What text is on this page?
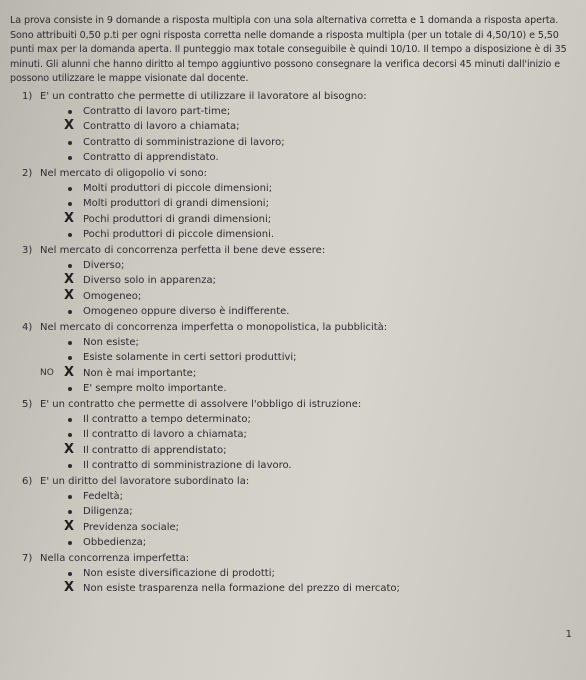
La prova consiste in 9 domande a risposta multipla con una sola alternativa corretta e 1 domanda a risposta aperta. Sono attribuiti 0,50 p.ti per ogni risposta corretta nelle domande a risposta multipla (per un totale di 4,50/10) e 5,50 punti max per la domanda aperta. Il punteggio max totale conseguibile è quindi 10/10. Il tempo a disposizione è di 35 minuti. Gli alunni che hanno diritto al tempo aggiuntivo possono consegnare la verifica decorsi 45 minuti dall'inizio e possono utilizzare le mappe visionate dal docente.

1) E' un contratto che permette di utilizzare il lavoratore al bisogno:
Contratto di lavoro part-time;
X Contratto di lavoro a chiamata;
Contratto di somministrazione di lavoro;
Contratto di apprendistato.
2) Nel mercato di oligopolio vi sono:
Molti produttori di piccole dimensioni;
Molti produttori di grandi dimensioni;
X Pochi produttori di grandi dimensioni;
Pochi produttori di piccole dimensioni.
3) Nel mercato di concorrenza perfetta il bene deve essere:
Diverso;
X Diverso solo in apparenza;
X Omogeneo;
Omogeneo oppure diverso è indifferente.
4) Nel mercato di concorrenza imperfetta o monopolistica, la pubblicità:
Non esiste;
Esiste solamente in certi settori produttivi;
X
NO	Non è mai importante;
E' sempre molto importante.
5) E' un contratto che permette di assolvere l'obbligo di istruzione:
Il contratto a tempo determinato;
Il contratto di lavoro a chiamata;
X Il contratto di apprendistato;
Il contratto di somministrazione di lavoro.
6) E' un diritto del lavoratore subordinato la:
Fedeltà;
Diligenza;
X Previdenza sociale;
Obbedienza;
7) Nella concorrenza imperfetta:
Non esiste diversificazione di prodotti;
X Non esiste trasparenza nella formazione del prezzo di mercato;
1
